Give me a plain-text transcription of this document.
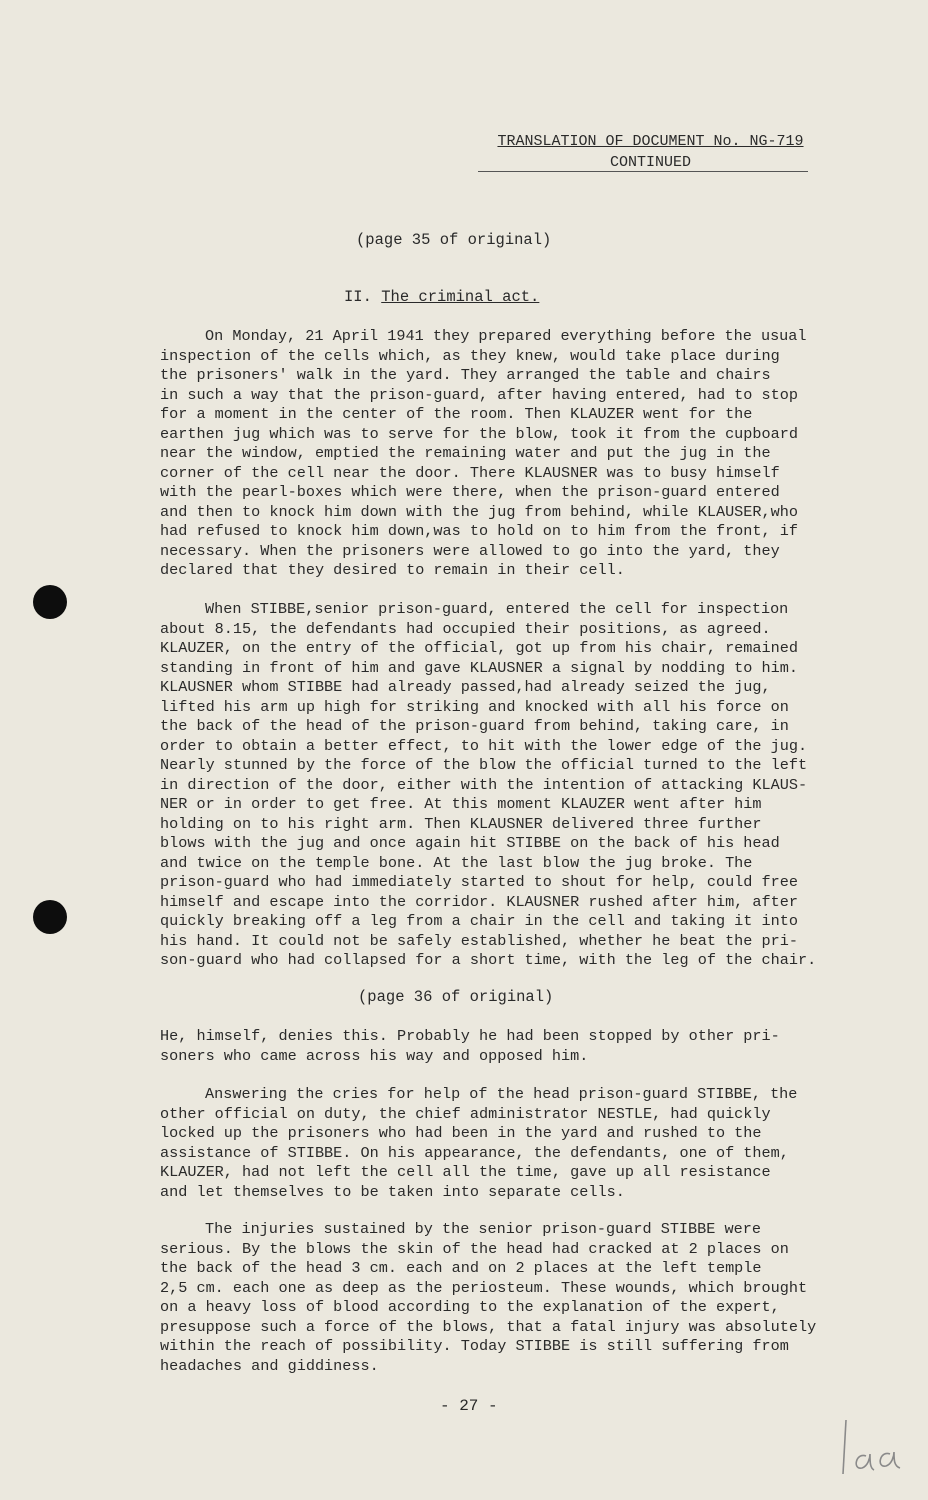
TRANSLATION OF DOCUMENT No. NG-719
CONTINUED
(page 35 of original)
II. The criminal act.
On Monday, 21 April 1941 they prepared everything before the usual
inspection of the cells which, as they knew, would take place during
the prisoners' walk in the yard. They arranged the table and chairs
in such a way that the prison-guard, after having entered, had to stop
for a moment in the center of the room. Then KLAUZER went for the
earthen jug which was to serve for the blow, took it from the cupboard
near the window, emptied the remaining water and put the jug in the
corner of the cell near the door. There KLAUSNER was to busy himself
with the pearl-boxes which were there, when the prison-guard entered
and then to knock him down with the jug from behind, while KLAUSER,who
had refused to knock him down,was to hold on to him from the front, if
necessary. When the prisoners were allowed to go into the yard, they
declared that they desired to remain in their cell.
When STIBBE,senior prison-guard, entered the cell for inspection
about 8.15, the defendants had occupied their positions, as agreed.
KLAUZER, on the entry of the official, got up from his chair, remained
standing in front of him and gave KLAUSNER a signal by nodding to him.
KLAUSNER whom STIBBE had already passed,had already seized the jug,
lifted his arm up high for striking and knocked with all his force on
the back of the head of the prison-guard from behind, taking care, in
order to obtain a better effect, to hit with the lower edge of the jug.
Nearly stunned by the force of the blow the official turned to the left
in direction of the door, either with the intention of attacking KLAUS-
NER or in order to get free. At this moment KLAUZER went after him
holding on to his right arm. Then KLAUSNER delivered three further
blows with the jug and once again hit STIBBE on the back of his head
and twice on the temple bone. At the last blow the jug broke. The
prison-guard who had immediately started to shout for help, could free
himself and escape into the corridor. KLAUSNER rushed after him, after
quickly breaking off a leg from a chair in the cell and taking it into
his hand. It could not be safely established, whether he beat the pri-
son-guard who had collapsed for a short time, with the leg of the chair.
(page 36 of original)
He, himself, denies this. Probably he had been stopped by other pri-
soners who came across his way and opposed him.
Answering the cries for help of the head prison-guard STIBBE, the
other official on duty, the chief administrator NESTLE, had quickly
locked up the prisoners who had been in the yard and rushed to the
assistance of STIBBE. On his appearance, the defendants, one of them,
KLAUZER, had not left the cell all the time, gave up all resistance
and let themselves to be taken into separate cells.
The injuries sustained by the senior prison-guard STIBBE were
serious. By the blows the skin of the head had cracked at 2 places on
the back of the head 3 cm. each and on 2 places at the left temple
2,5 cm. each one as deep as the periosteum. These wounds, which brought
on a heavy loss of blood according to the explanation of the expert,
presuppose such a force of the blows, that a fatal injury was absolutely
within the reach of possibility. Today STIBBE is still suffering from
headaches and giddiness.
- 27 -
